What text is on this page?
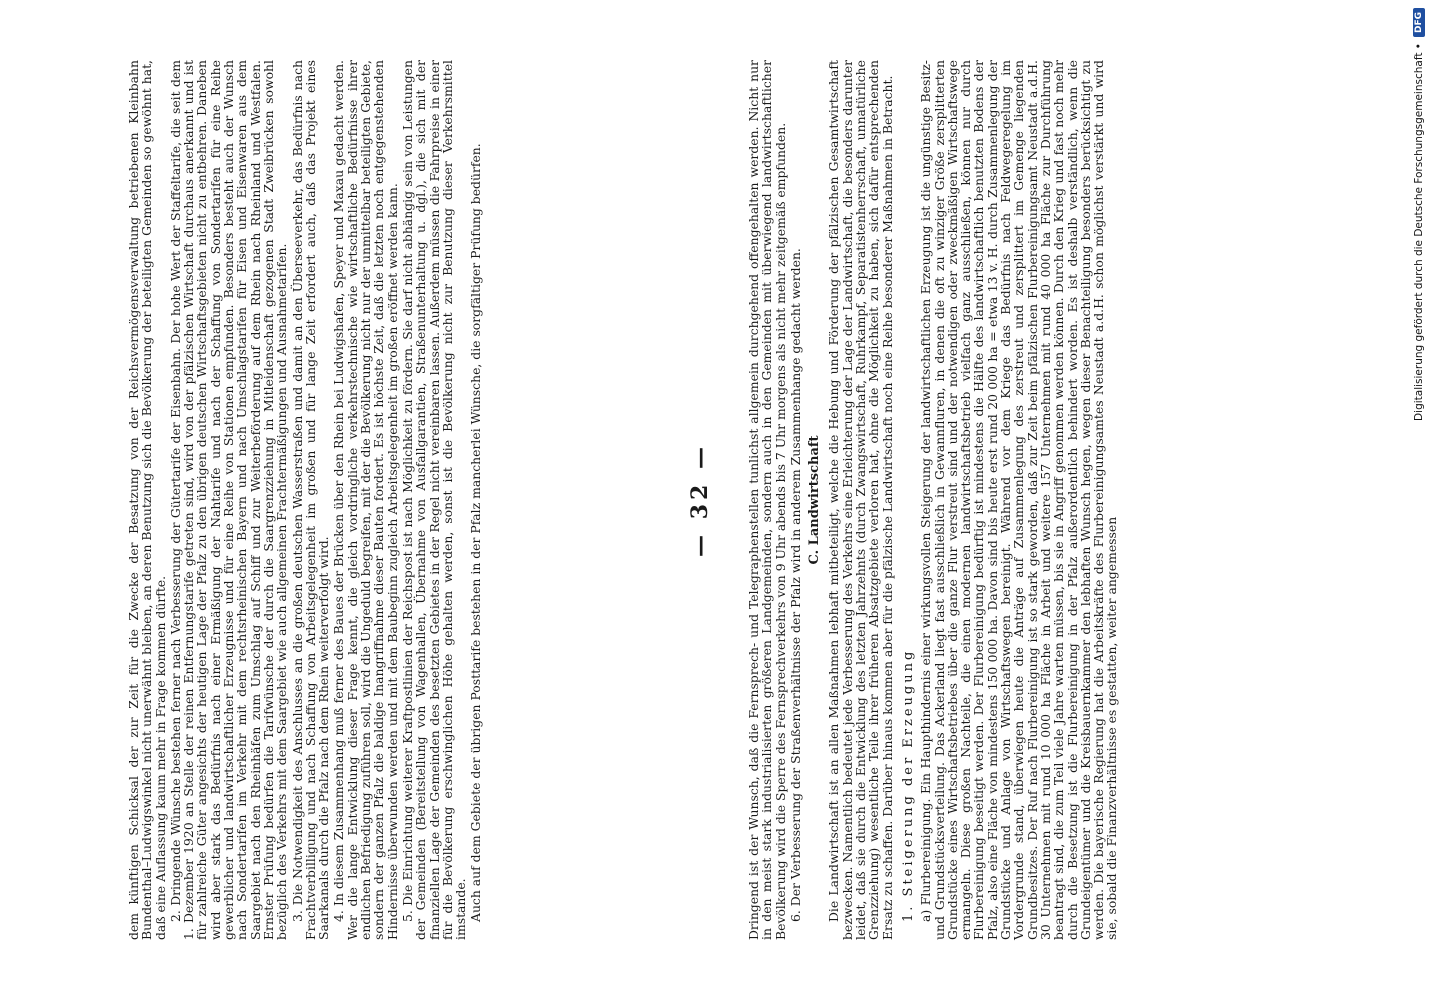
dem künftigen Schicksal der zur Zeit für die Zwecke der Besatzung von der Reichsvermögensverwaltung betriebenen Kleinbahn Bundenthal–Ludwigswinkel nicht unerwähnt bleiben, an deren Benutzung sich die Bevölkerung der beteiligten Gemeinden so gewöhnt hat, daß eine Auflassung kaum mehr in Frage kommen dürfte. 2. Dringende Wünsche bestehen ferner nach Verbesserung der Gütertarife der Eisenbahn. Der hohe Wert der Staffeltarife, die seit dem 1. Dezember 1920 an Stelle der reinen Entfernungstarife getreten sind, wird von der pfälzischen Wirtschaft durchaus anerkannt und ist für zahlreiche Güter angesichts der heutigen Lage der Pfalz zu den übrigen deutschen Wirtschaftsgebieten nicht zu entbehren. Daneben wird aber stark das Bedürfnis nach einer Ermäßigung der Nahtarife und nach der Schaffung von Sondertarifen für eine Reihe gewerblicher und landwirtschaftlicher Erzeugnisse und für eine Reihe von Stationen empfunden. Besonders besteht auch der Wunsch nach Sondertarifen im Verkehr mit dem rechtsrheinischen Bayern und nach Umschlagstarifen für Eisen und Eisenwaren aus dem Saargebiet nach den Rheinhäfen zum Umschlag auf Schiff und zur Weiterbeförderung auf dem Rhein nach Rheinland und Westfalen. Ernster Prüfung bedürfen die Tarifwünsche der durch die Saargrenzziehung in Mitleidenschaft gezogenen Stadt Zweibrücken sowohl bezüglich des Verkehrs mit dem Saargebiet wie auch allgemeinen Frachtermäßigungen und Ausnahmetarifen. 3. Die Notwendigkeit des Anschlusses an die großen deutschen Wasserstraßen und damit an den Überseeverkehr, das Bedürfnis nach Frachtverbilligung und nach Schaffung von Arbeitsgelegenheit im großen und für lange Zeit erfordert auch, daß das Projekt eines Saarkanals durch die Pfalz nach dem Rhein weiterverfolgt wird. 4. In diesem Zusammenhang muß ferner des Baues der Brücken über den Rhein bei Ludwigshafen, Speyer und Maxau gedacht werden. Wer die lange Entwicklung dieser Frage kennt, die gleich vordringliche verkehrstechnische wie wirtschaftliche Bedürfnisse ihrer endlichen Befriedigung zuführen soll, wird die Ungeduld begreifen, mit der die Bevölkerung nicht nur der unmittelbar beteiligten Gebiete, sondern der ganzen Pfalz die baldige Inangriffnahme dieser Bauten fordert. Es ist höchste Zeit, daß die letzten noch entgegenstehenden Hindernisse überwunden werden und mit dem Baubeginn zugleich Arbeitsgelegenheit im großen eröffnet werden kann. 5. Die Einrichtung weiterer Kraftpostlinien der Reichspost ist nach Möglichkeit zu fördern. Sie darf nicht abhängig sein von Leistungen der Gemeinden (Bereitstellung von Wagenhallen, Übernahme von Ausfallgarantien, Straßenunterhaltung u. dgl.), die sich mit der finanziellen Lage der Gemeinden des besetzten Gebietes in der Regel nicht vereinbaren lassen. Außerdem müssen die Fahrpreise in einer für die Bevölkerung erschwinglichen Höhe gehalten werden, sonst ist die Bevölkerung nicht zur Benutzung dieser Verkehrsmittel imstande. Auch auf dem Gebiete der übrigen Posttarife bestehen in der Pfalz mancherlei Wünsche, die sorgfältiger Prüfung bedürfen.	— 32 —	Dringend ist der Wunsch, daß die Fernsprech- und Telegraphenstellen tunlichst allgemein durchgehend offengehalten werden. Nicht nur in den meist stark industrialisierten größeren Landgemeinden, sondern auch in den Gemeinden mit überwiegend landwirtschaftlicher Bevölkerung wird die Sperre des Fernsprechverkehrs von 9 Uhr abends bis 7 Uhr morgens als nicht mehr zeitgemäß empfunden. 6. Der Verbesserung der Straßenverhältnisse der Pfalz wird in anderem Zusammenhange gedacht werden. C. Landwirtschaft Die Landwirtschaft ist an allen Maßnahmen lebhaft mitbeteiligt, welche die Hebung und Förderung der pfälzischen Gesamtwirtschaft bezwecken. Namentlich bedeutet jede Verbesserung des Verkehrs eine Erleichterung der Lage der Landwirtschaft, die besonders darunter leidet, daß sie durch die Entwicklung des letzten Jahrzehnts (durch Zwangswirtschaft, Ruhrkampf, Separatistenherrschaft, unnatürliche Grenzziehung) wesentliche Teile ihrer früheren Absatzgebiete verloren hat, ohne die Möglichkeit zu haben, sich dafür entsprechenden Ersatz zu schaffen. Darüber hinaus kommen aber für die pfälzische Landwirtschaft noch eine Reihe besonderer Maßnahmen in Betracht. 1. Steigerung der Erzeugung a) Flurbereinigung. Ein Haupthindernis einer wirkungsvollen Steigerung der landwirtschaftlichen Erzeugung ist die ungünstige Besitz- und Grundstücksverteilung. Das Ackerland liegt fast ausschließlich in Gewannfluren, in denen die oft zu winziger Größe zersplitterten Grundstücke eines Wirtschaftsbetriebes über die ganze Flur verstreut sind und der notwendigen oder zweckmäßigen Wirtschaftswege ermangeln. Diese großen Nachteile, die einen modernen landwirtschaftsbetrieb vielfach ganz ausschließen, können nur durch Flurbereinigung beseitigt werden. Der Flurbereinigung bedürftig ist mindestens die Hälfte des landwirtschaftlich benutzten Bodens der Pfalz, also eine Fläche von mindestens 150 000 ha. Davon sind bis heute erst rund 20 000 ha = etwa 13 v. H. durch Zusammenlegung der Grundstücke und Anlage von Wirtschaftswegen bereinigt. Während vor dem Kriege das Bedürfnis nach Feldwegeregelung im Vordergrunde stand, überwiegen heute die Anträge auf Zusammenlegung des zerstreut und zersplittert im Gemenge liegenden Grundbesitzes. Der Ruf nach Flurbereinigung ist so stark geworden, daß zur Zeit beim pfälzischen Flurbereinigungsamt Neustadt a.d.H. 30 Unternehmen mit rund 10 000 ha Fläche in Arbeit und weitere 157 Unternehmen mit rund 40 000 ha Fläche zur Durchführung beantragt sind, die zum Teil viele Jahre warten müssen, bis sie in Angriff genommen werden können. Durch den Krieg und fast noch mehr durch die Besetzung ist die Flurbereinigung in der Pfalz außerordentlich behindert worden. Es ist deshalb verständlich, wenn die Grundeigentümer und die Kreisbauernkammer den lebhaften Wunsch hegen, wegen dieser Benachteiligung besonders berücksichtigt zu werden. Die bayerische Regierung hat die Arbeitskräfte des Flurbereinigungsamtes Neustadt a.d.H. schon möglichst verstärkt und wird sie, sobald die Finanzverhältnisse es gestatten, weiter angemessen

Digitalisierung gefördert durch die Deutsche Forschungsgemeinschaft •
DFG
